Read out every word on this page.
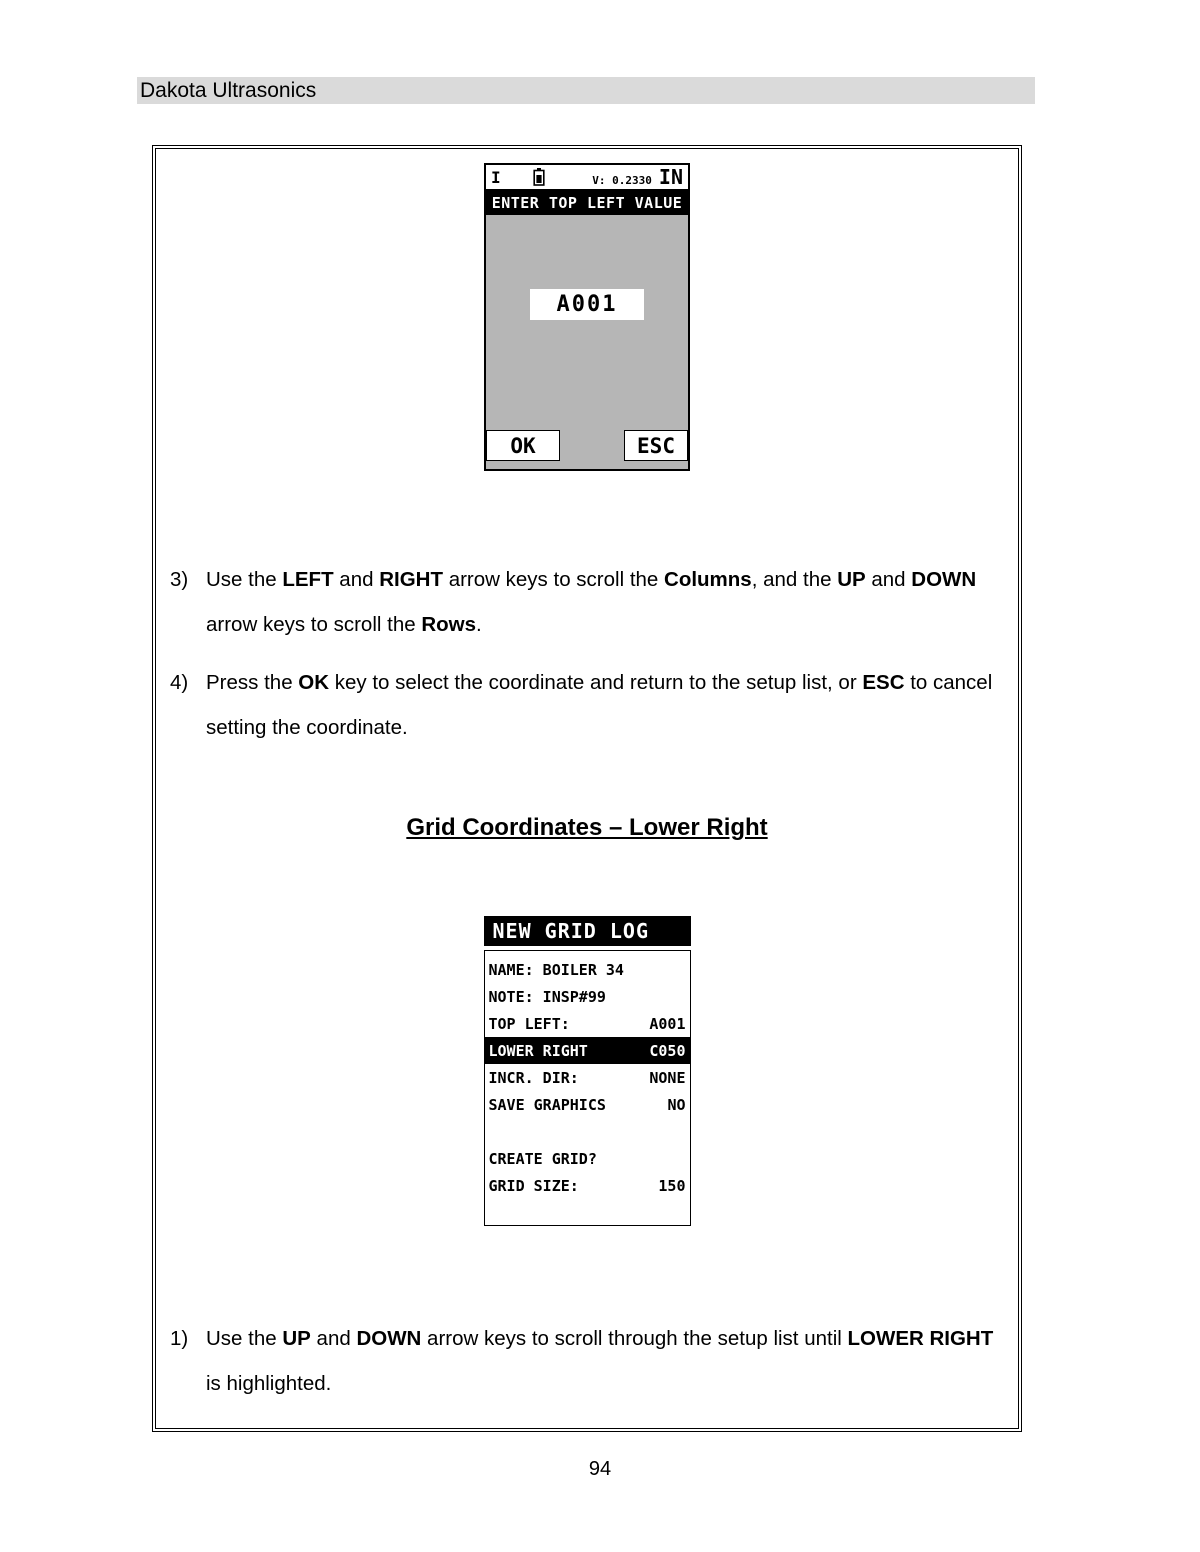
Dakota Ultrasonics
I	V: 0.2330 IN
ENTER TOP LEFT VALUE
A001
OK	ESC
3) Use the LEFT and RIGHT arrow keys to scroll the Columns, and the UP and DOWN arrow keys to scroll the Rows.
4) Press the OK key to select the coordinate and return to the setup list, or ESC to cancel setting the coordinate.
Grid Coordinates – Lower Right
NEW GRID LOG
NAME: BOILER 34
NOTE: INSP#99
TOP LEFT:	A001
LOWER RIGHT	C050
INCR. DIR:	NONE
SAVE GRAPHICS	NO
CREATE GRID?
GRID SIZE:	150
1) Use the UP and DOWN arrow keys to scroll through the setup list until LOWER RIGHT is highlighted.
94
